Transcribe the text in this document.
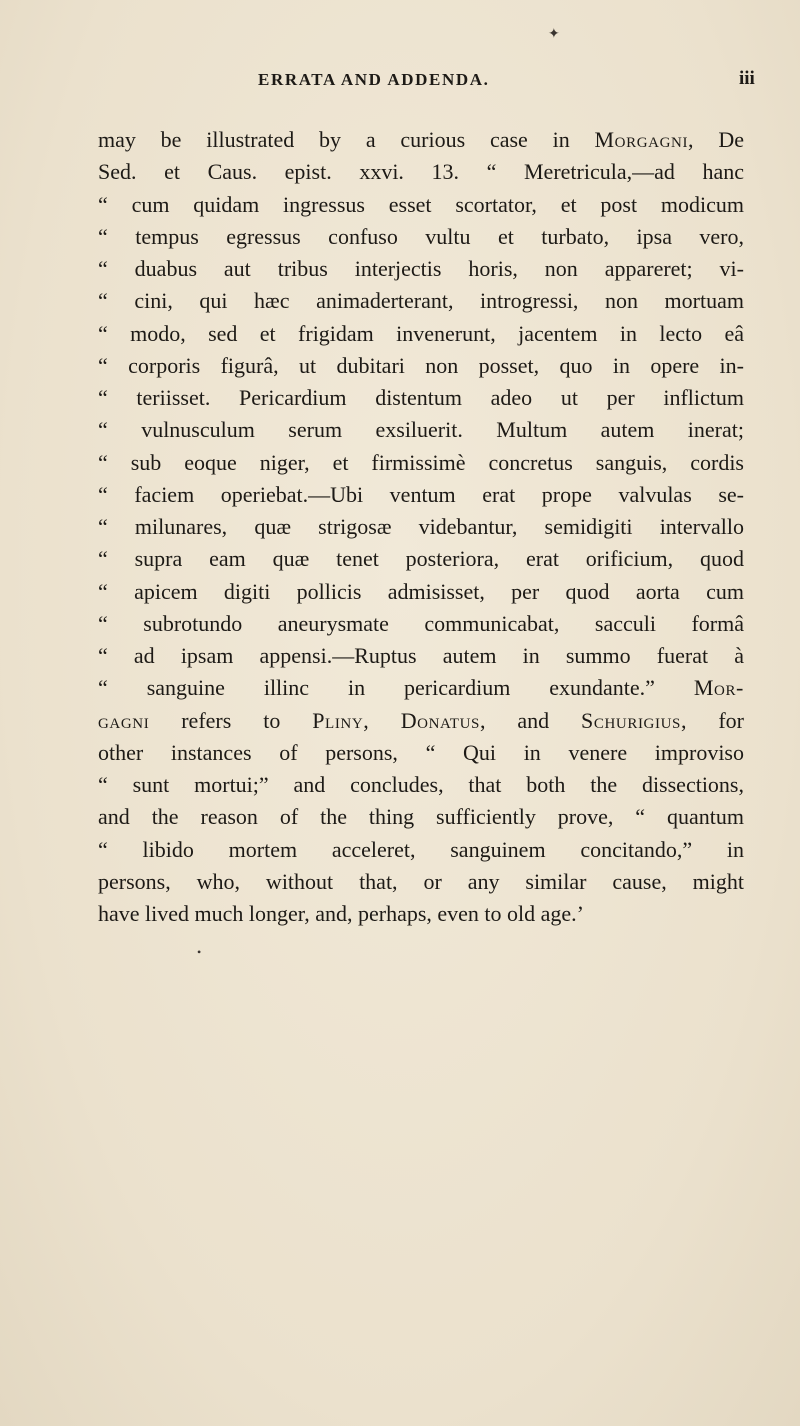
ERRATA AND ADDENDA.	iii
may be illustrated by a curious case in Morgagni, De
Sed. et Caus. epist. xxvi. 13. “ Meretricula,—ad hanc
“ cum quidam ingressus esset scortator, et post modicum
“ tempus egressus confuso vultu et turbato, ipsa vero,
“ duabus aut tribus interjectis horis, non appareret; vi-
“ cini, qui hæc animaderterant, introgressi, non mortuam
“ modo, sed et frigidam invenerunt, jacentem in lecto eâ
“ corporis figurâ, ut dubitari non posset, quo in opere in-
“ teriisset. Pericardium distentum adeo ut per inflictum
“ vulnusculum serum exsiluerit. Multum autem inerat;
“ sub eoque niger, et firmissimè concretus sanguis, cordis
“ faciem operiebat.—Ubi ventum erat prope valvulas se-
“ milunares, quæ strigosæ videbantur, semidigiti intervallo
“ supra eam quæ tenet posteriora, erat orificium, quod
“ apicem digiti pollicis admisisset, per quod aorta cum
“ subrotundo aneurysmate communicabat, sacculi formâ
“ ad ipsam appensi.—Ruptus autem in summo fuerat à
“ sanguine illinc in pericardium exundante.” Mor-
gagni refers to Pliny, Donatus, and Schurigius, for
other instances of persons, “ Qui in venere improviso
“ sunt mortui;” and concludes, that both the dissections,
and the reason of the thing sufficiently prove, “ quantum
“ libido mortem acceleret, sanguinem concitando,” in
persons, who, without that, or any similar cause, might
have lived much longer, and, perhaps, even to old age.’
✦
•
